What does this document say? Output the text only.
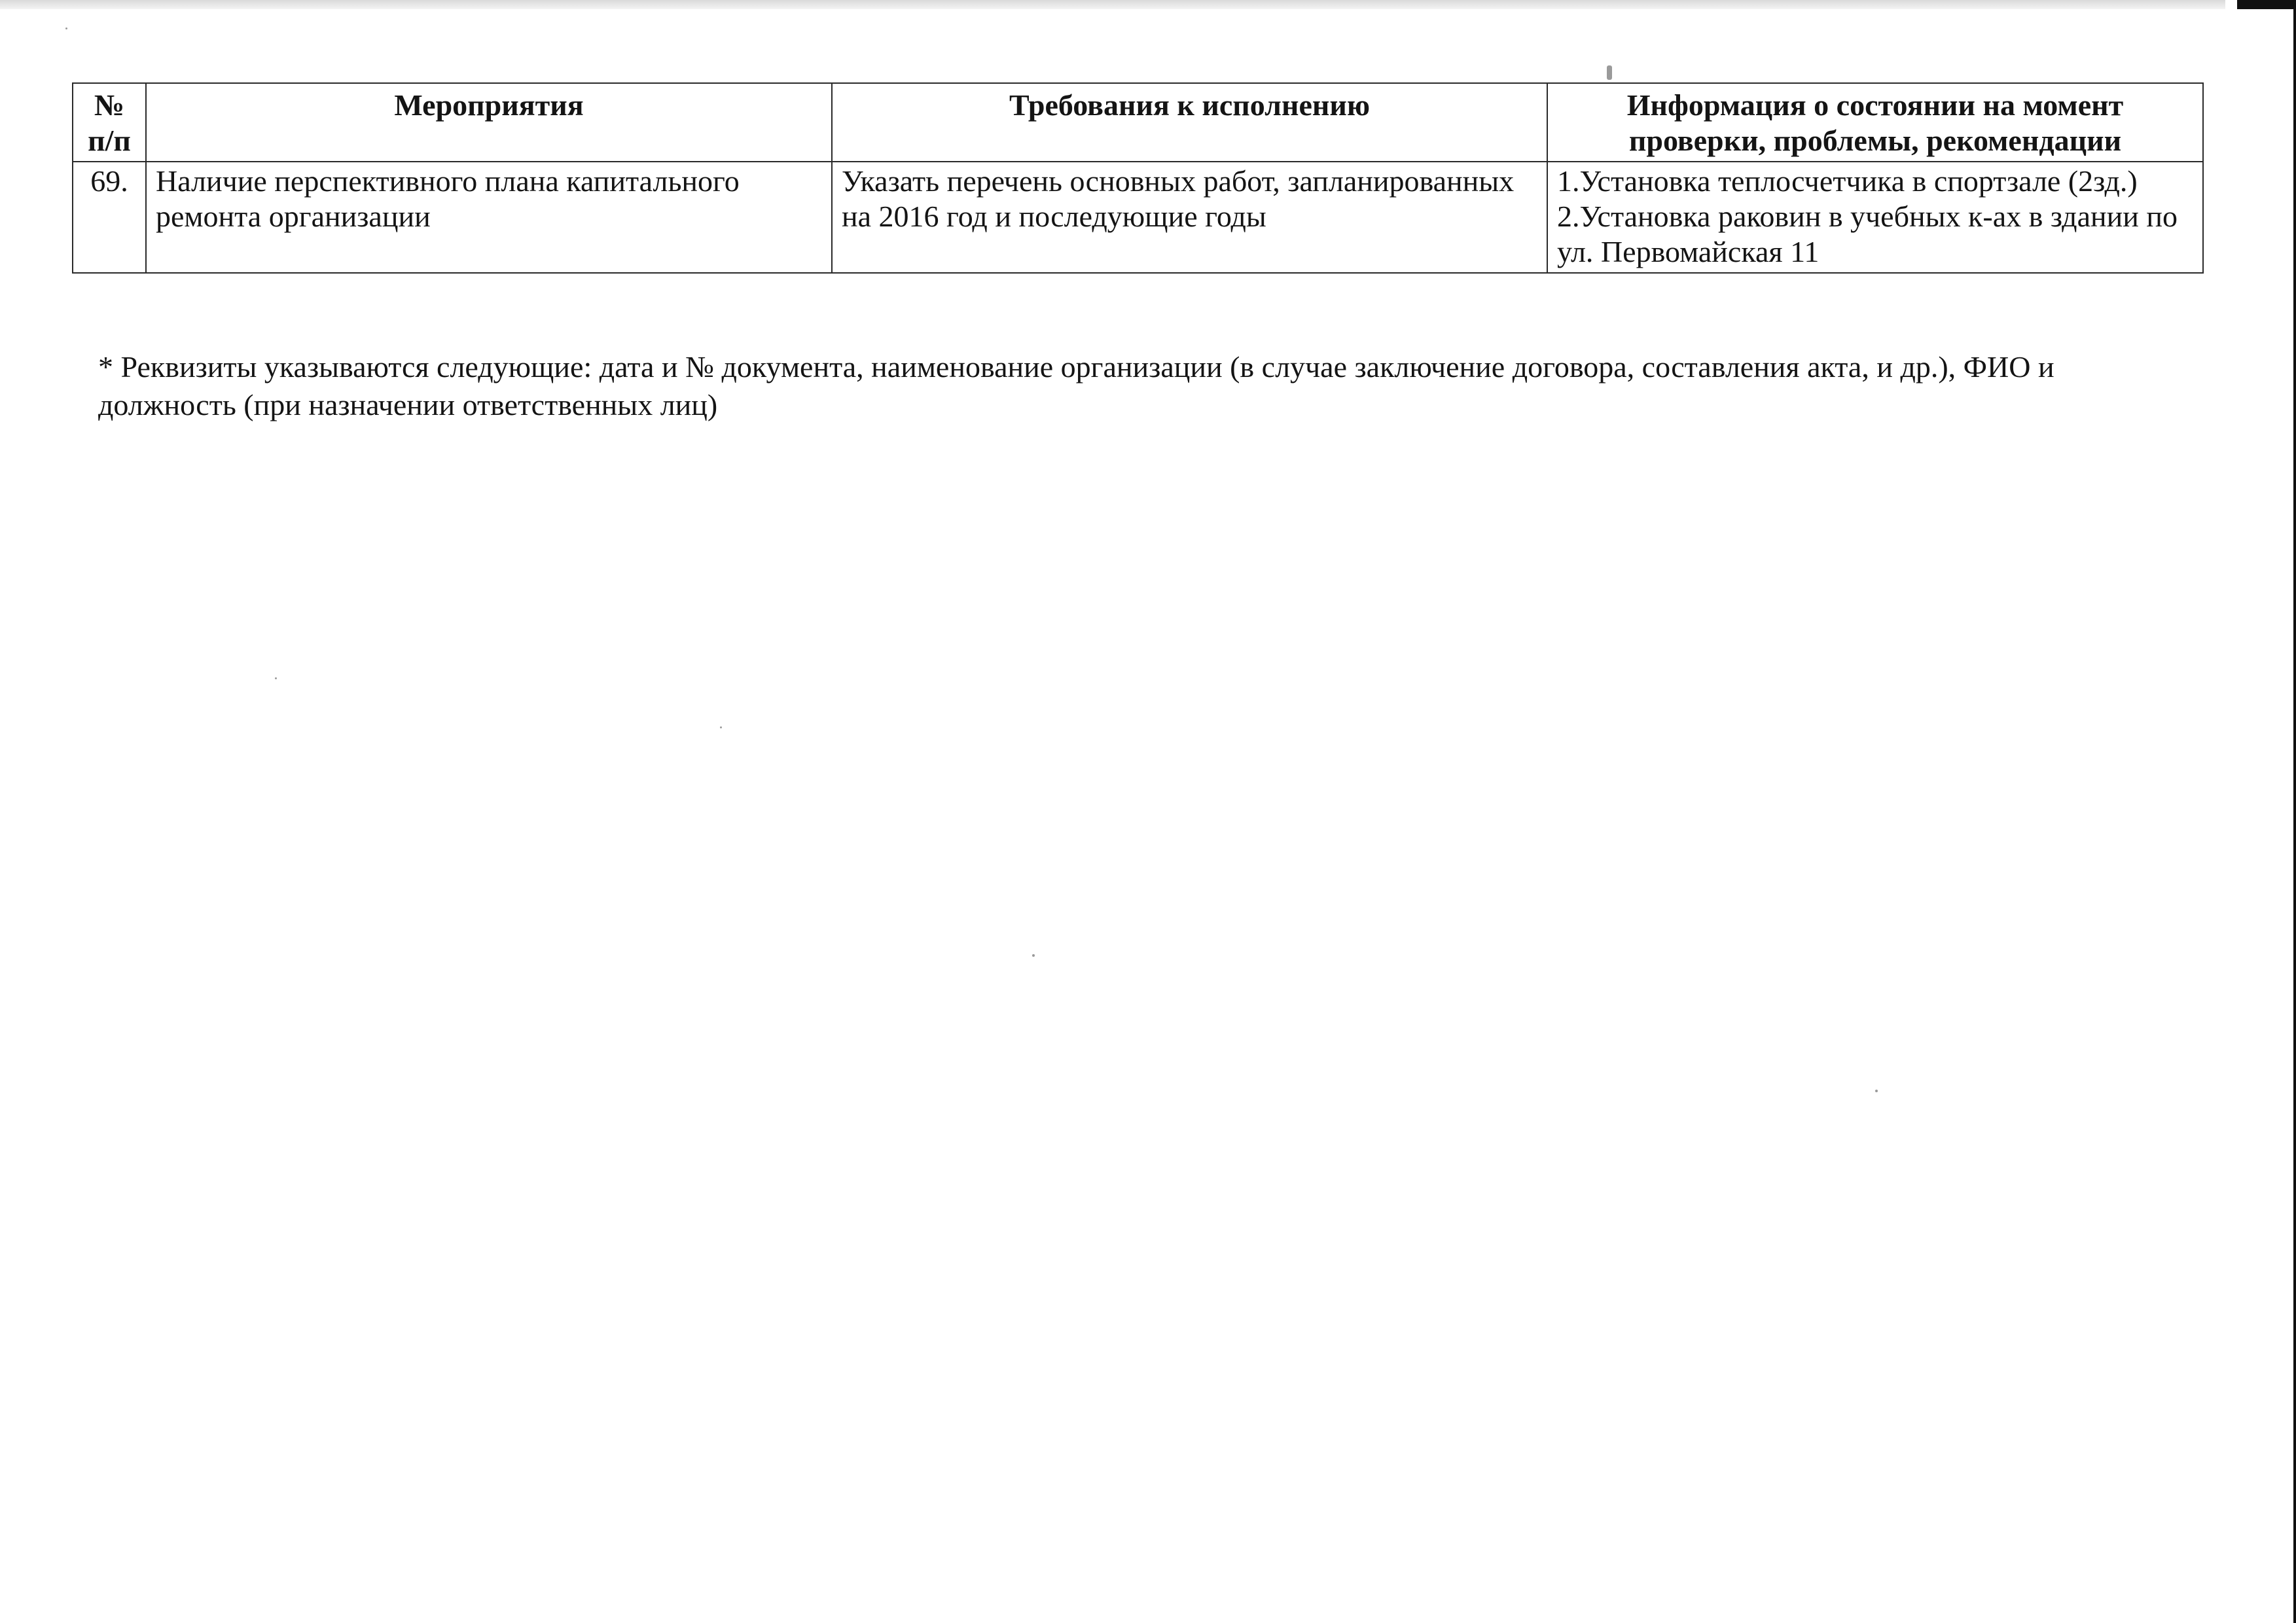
№ п/п	Мероприятия	Требования к исполнению	Информация о состоянии на момент проверки, проблемы, рекомендации
69.	Наличие перспективного плана капитального ремонта организации	Указать перечень основных работ, запланированных на 2016 год и последующие годы	1.Установка теплосчетчика в спортзале (2зд.)
2.Установка раковин в учебных к-ах в здании по ул. Первомайская 11
* Реквизиты указываются следующие: дата и № документа, наименование организации (в случае заключение договора, составления акта, и др.), ФИО и должность (при назначении ответственных лиц)
